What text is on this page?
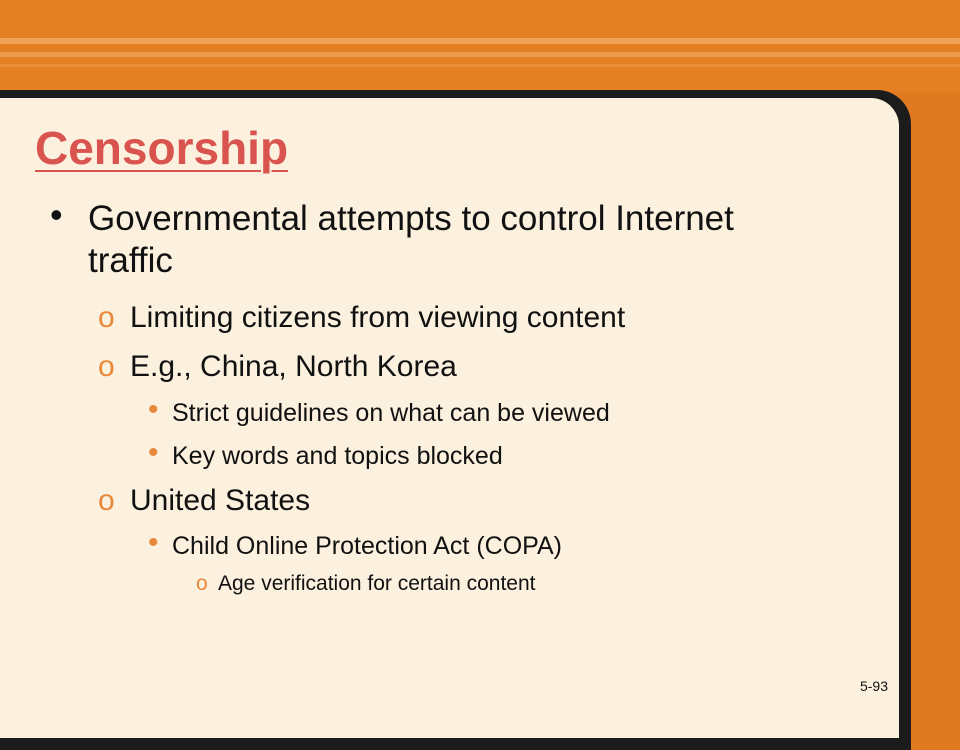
Censorship
• Governmental attempts to control Internet traffic
o Limiting citizens from viewing content
o E.g., China, North Korea
• Strict guidelines on what can be viewed
• Key words and topics blocked
o United States
• Child Online Protection Act (COPA)
o Age verification for certain content
5-93
